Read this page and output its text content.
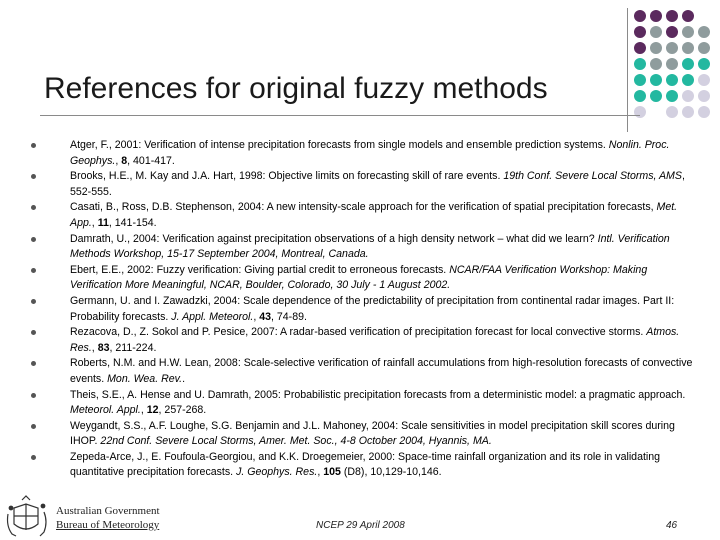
References for original fuzzy methods
Atger, F., 2001: Verification of intense precipitation forecasts from single models and ensemble prediction systems. Nonlin. Proc. Geophys., 8, 401-417.
Brooks, H.E., M. Kay and J.A. Hart, 1998: Objective limits on forecasting skill of rare events. 19th Conf. Severe Local Storms, AMS, 552-555.
Casati, B., Ross, D.B. Stephenson, 2004: A new intensity-scale approach for the verification of spatial precipitation forecasts, Met. App., 11, 141-154.
Damrath, U., 2004: Verification against precipitation observations of a high density network – what did we learn? Intl. Verification Methods Workshop, 15-17 September 2004, Montreal, Canada.
Ebert, E.E., 2002: Fuzzy verification: Giving partial credit to erroneous forecasts. NCAR/FAA Verification Workshop: Making Verification More Meaningful, NCAR, Boulder, Colorado, 30 July - 1 August 2002.
Germann, U. and I. Zawadzki, 2004: Scale dependence of the predictability of precipitation from continental radar images. Part II: Probability forecasts. J. Appl. Meteorol., 43, 74-89.
Rezacova, D., Z. Sokol and P. Pesice, 2007: A radar-based verification of precipitation forecast for local convective storms. Atmos. Res., 83, 211-224.
Roberts, N.M. and H.W. Lean, 2008: Scale-selective verification of rainfall accumulations from high-resolution forecasts of convective events. Mon. Wea. Rev..
Theis, S.E., A. Hense and U. Damrath, 2005: Probabilistic precipitation forecasts from a deterministic model: a pragmatic approach. Meteorol. Appl., 12, 257-268.
Weygandt, S.S., A.F. Loughe, S.G. Benjamin and J.L. Mahoney, 2004: Scale sensitivities in model precipitation skill scores during IHOP. 22nd Conf. Severe Local Storms, Amer. Met. Soc., 4-8 October 2004, Hyannis, MA.
Zepeda-Arce, J., E. Foufoula-Georgiou, and K.K. Droegemeier, 2000: Space-time rainfall organization and its role in validating quantitative precipitation forecasts. J. Geophys. Res., 105 (D8), 10,129-10,146.
Australian Government
Bureau of Meteorology	NCEP 29 April 2008	46
